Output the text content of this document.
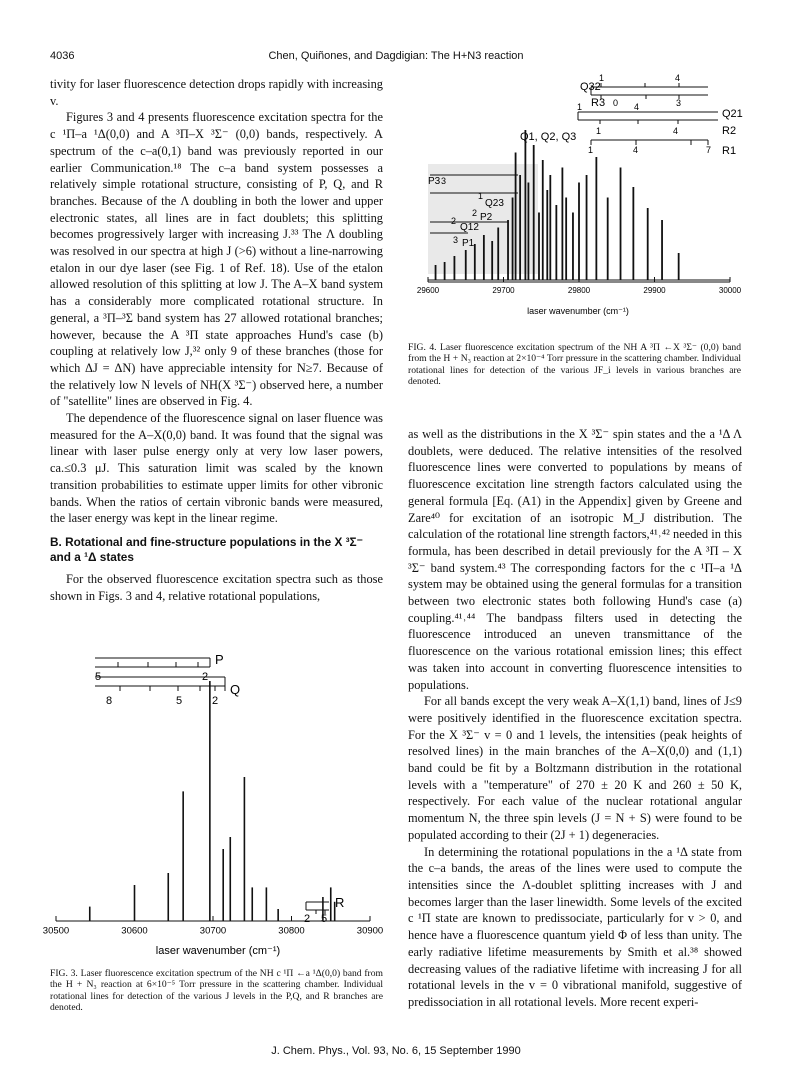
4036	Chen, Quiñones, and Dagdigian: The H+N3 reaction

tivity for laser fluorescence detection drops rapidly with increasing v.

Figures 3 and 4 presents fluorescence excitation spectra for the c ¹Π–a ¹Δ(0,0) and A ³Π–X ³Σ⁻ (0,0) bands, respectively. A spectrum of the c–a(0,1) band was previously reported in our earlier Communication.¹⁸ The c–a band system possesses a relatively simple rotational structure, consisting of P, Q, and R branches. Because of the Λ doubling in both the lower and upper electronic states, all lines are in fact doublets; this splitting becomes progressively larger with increasing J.³³ The Λ doubling was resolved in our spectra at high J (>6) without a line-narrowing etalon in our dye laser (see Fig. 1 of Ref. 18). Use of the etalon allowed resolution of this splitting at low J. The A–X band system has a considerably more complicated rotational structure. In general, a ³Π–³Σ band system has 27 allowed rotational branches; however, because the A ³Π state approaches Hund's case (b) coupling at relatively low J,³² only 9 of these branches (those for which ΔJ = ΔN) have appreciable intensity for N≥7. Because of the relatively low N levels of NH(X ³Σ⁻) observed here, a number of "satellite" lines are observed in Fig. 4.

The dependence of the fluorescence signal on laser fluence was measured for the A–X(0,0) band. It was found that the signal was linear with laser pulse energy only at very low laser powers, ca.≤0.3 μJ. This saturation limit was scaled by the known transition probabilities to estimate upper limits for other vibronic bands. When the ratios of certain vibronic bands were measured, the laser energy was kept in the linear regime.

B. Rotational and fine-structure populations in the X ³Σ⁻ and a ¹Δ states

For the observed fluorescence excitation spectra such as those shown in Figs. 3 and 4, relative rotational populations,

P
5	2
Q
8	5	2
R
2 5
30500	30600	30700	30800	30900
laser wavenumber (cm⁻¹)
FIG. 3. Laser fluorescence excitation spectrum of the NH c ¹Π ←a ¹Δ(0,0) band from the H + N₃ reaction at 6×10⁻⁵ Torr pressure in the scattering chamber. Individual rotational lines for detection of the various J levels in the P,Q, and R branches are denoted.
Q32
R3
1
0
4
3
1	4
1	4
Q21
R2
1	4	7 R1
Q1, Q2, Q3
P3 3
1
Q23
2 P2
2
Q12
3 P1
29600	29700	29800	29900	30000
laser wavenumber (cm⁻¹)
FIG. 4. Laser fluorescence excitation spectrum of the NH A ³Π ←X ³Σ⁻ (0,0) band from the H + N₃ reaction at 2×10⁻⁴ Torr pressure in the scattering chamber. Individual rotational lines for detection of the various JF_i levels in various branches are denoted.

as well as the distributions in the X ³Σ⁻ spin states and the a ¹Δ Λ doublets, were deduced. The relative intensities of the resolved fluorescence lines were converted to populations by means of fluorescence excitation line strength factors calculated using the general formula [Eq. (A1) in the Appendix] given by Greene and Zare⁴⁰ for excitation of an isotropic M_J distribution. The calculation of the rotational line strength factors,⁴¹˒⁴² needed in this formula, has been described in detail previously for the A ³Π – X ³Σ⁻ band system.⁴³ The corresponding factors for the c ¹Π–a ¹Δ system may be obtained using the general formulas for a transition between two electronic states both following Hund's case (a) coupling.⁴¹˒⁴⁴ The bandpass filters used in detecting the fluorescence introduced an uneven transmittance of the fluorescence on the various rotational emission lines; this effect was taken into account in converting fluorescence intensities to populations.

For all bands except the very weak A–X(1,1) band, lines of J≤9 were positively identified in the fluorescence excitation spectra. For the X ³Σ⁻ v = 0 and 1 levels, the intensities (peak heights of resolved lines) in the main branches of the A–X(0,0) and (1,1) band could be fit by a Boltzmann distribution in the rotational levels with a "temperature" of 270 ± 20 K and 260 ± 50 K, respectively. For each value of the nuclear rotational angular momentum N, the three spin levels (J = N + S) were found to be populated according to their (2J + 1) degeneracies.

In determining the rotational populations in the a ¹Δ state from the c–a bands, the areas of the lines were used to compute the intensities since the Λ-doublet splitting increases with J and becomes larger than the laser linewidth. Some levels of the excited c ¹Π state are known to predissociate, particularly for v > 0, and hence have a fluorescence quantum yield Φ of less than unity. The early radiative lifetime measurements by Smith et al.³⁸ showed decreasing values of the radiative lifetime with increasing J for all rotational levels in the v = 0 vibrational manifold, suggestive of predissociation in all rotational levels. More recent experi-

J. Chem. Phys., Vol. 93, No. 6, 15 September 1990
